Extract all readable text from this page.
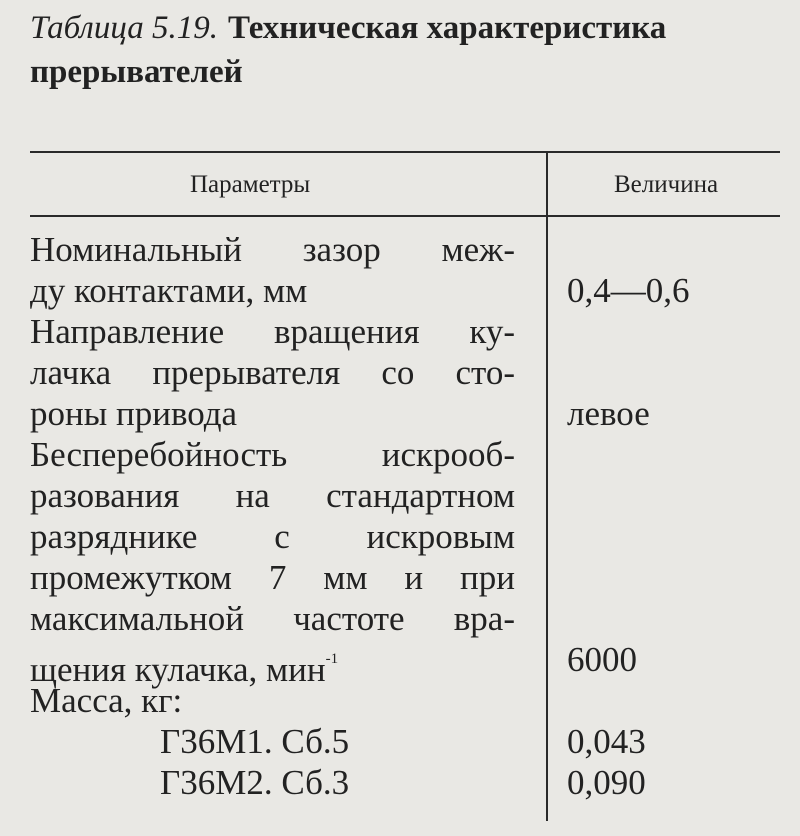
Таблица 5.19. Техническая характеристика прерывателей
Параметры	Величина
Номинальный зазор меж-
ду контактами, мм	0,4—0,6
Направление вращения ку-
лачка прерывателя со сто-
роны привода	левое
Бесперебойность искрооб-
разования на стандартном
разряднике с искровым
промежутком 7 мм и при
максимальной частоте вра-
щения кулачка, мин$^{-1}$	6000
Масса, кг:
Г36М1. Сб.5	0,043
Г36М2. Сб.3	0,090
